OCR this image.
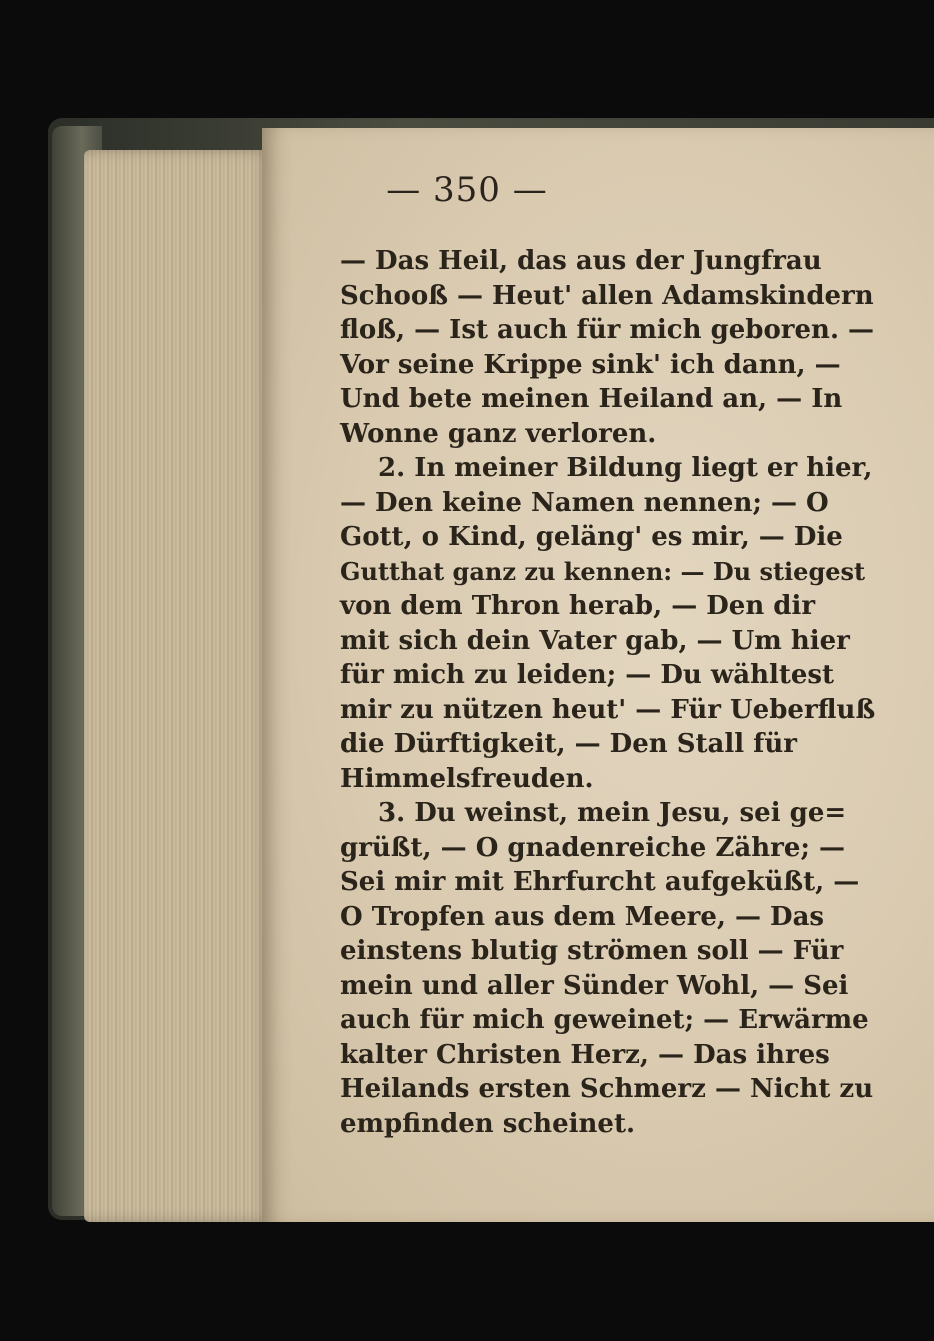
— 350 —
— Das Heil, das aus der Jungfrau
Schooß — Heut' allen Adamskindern
floß, — Ist auch für mich geboren. —
Vor seine Krippe sink' ich dann, —
Und bete meinen Heiland an, — In
Wonne ganz verloren.
2. In meiner Bildung liegt er hier,
— Den keine Namen nennen; — O
Gott, o Kind, geläng' es mir, — Die
Gutthat ganz zu kennen: — Du stiegest
von dem Thron herab, — Den dir
mit sich dein Vater gab, — Um hier
für mich zu leiden; — Du wähltest
mir zu nützen heut' — Für Ueberfluß
die Dürftigkeit, — Den Stall für
Himmelsfreuden.
3. Du weinst, mein Jesu, sei ge=
grüßt, — O gnadenreiche Zähre; —
Sei mir mit Ehrfurcht aufgeküßt, —
O Tropfen aus dem Meere, — Das
einstens blutig strömen soll — Für
mein und aller Sünder Wohl, — Sei
auch für mich geweinet; — Erwärme
kalter Christen Herz, — Das ihres
Heilands ersten Schmerz — Nicht zu
empfinden scheinet.
